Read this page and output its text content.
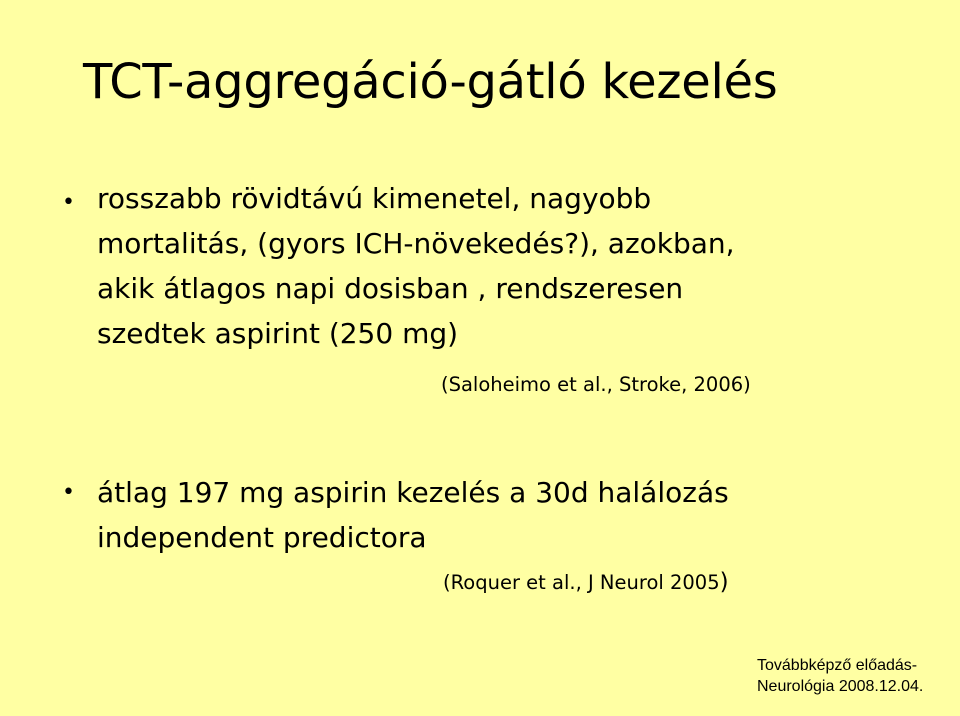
TCT-aggregáció-gátló kezelés
• rosszabb rövidtávú kimenetel, nagyobb
mortalitás, (gyors ICH-növekedés?), azokban,
akik átlagos napi dosisban , rendszeresen
szedtek aspirint (250 mg)

(Saloheimo et al., Stroke, 2006)
• átlag 197 mg aspirin kezelés a 30d halálozás
independent predictora

(Roquer et al., J Neurol 2005)
Továbbképző előadás-
Neurológia 2008.12.04.
